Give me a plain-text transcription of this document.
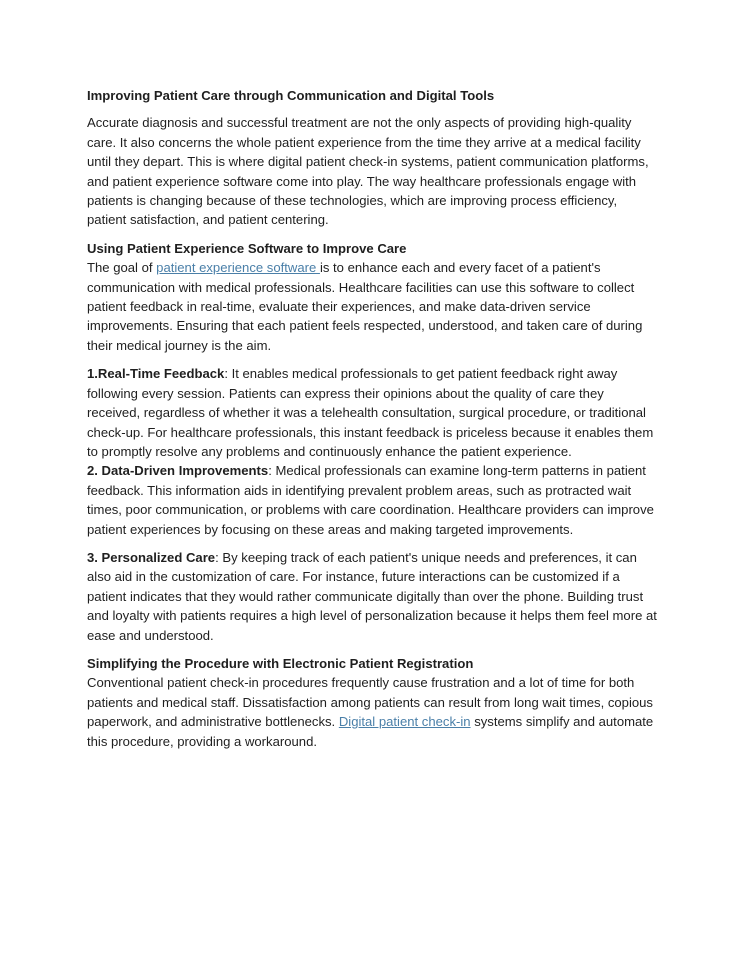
Improving Patient Care through Communication and Digital Tools

Accurate diagnosis and successful treatment are not the only aspects of providing high-quality care. It also concerns the whole patient experience from the time they arrive at a medical facility until they depart. This is where digital patient check-in systems, patient communication platforms, and patient experience software come into play. The way healthcare professionals engage with patients is changing because of these technologies, which are improving process efficiency, patient satisfaction, and patient centering.

Using Patient Experience Software to Improve Care
The goal of patient experience software is to enhance each and every facet of a patient's communication with medical professionals. Healthcare facilities can use this software to collect patient feedback in real-time, evaluate their experiences, and make data-driven service improvements. Ensuring that each patient feels respected, understood, and taken care of during their medical journey is the aim.

1.Real-Time Feedback: It enables medical professionals to get patient feedback right away following every session. Patients can express their opinions about the quality of care they received, regardless of whether it was a telehealth consultation, surgical procedure, or traditional check-up. For healthcare professionals, this instant feedback is priceless because it enables them to promptly resolve any problems and continuously enhance the patient experience.

2. Data-Driven Improvements: Medical professionals can examine long-term patterns in patient feedback. This information aids in identifying prevalent problem areas, such as protracted wait times, poor communication, or problems with care coordination. Healthcare providers can improve patient experiences by focusing on these areas and making targeted improvements.

3. Personalized Care: By keeping track of each patient's unique needs and preferences, it can also aid in the customization of care. For instance, future interactions can be customized if a patient indicates that they would rather communicate digitally than over the phone. Building trust and loyalty with patients requires a high level of personalization because it helps them feel more at ease and understood.

Simplifying the Procedure with Electronic Patient Registration
Conventional patient check-in procedures frequently cause frustration and a lot of time for both patients and medical staff. Dissatisfaction among patients can result from long wait times, copious paperwork, and administrative bottlenecks. Digital patient check-in systems simplify and automate this procedure, providing a workaround.
